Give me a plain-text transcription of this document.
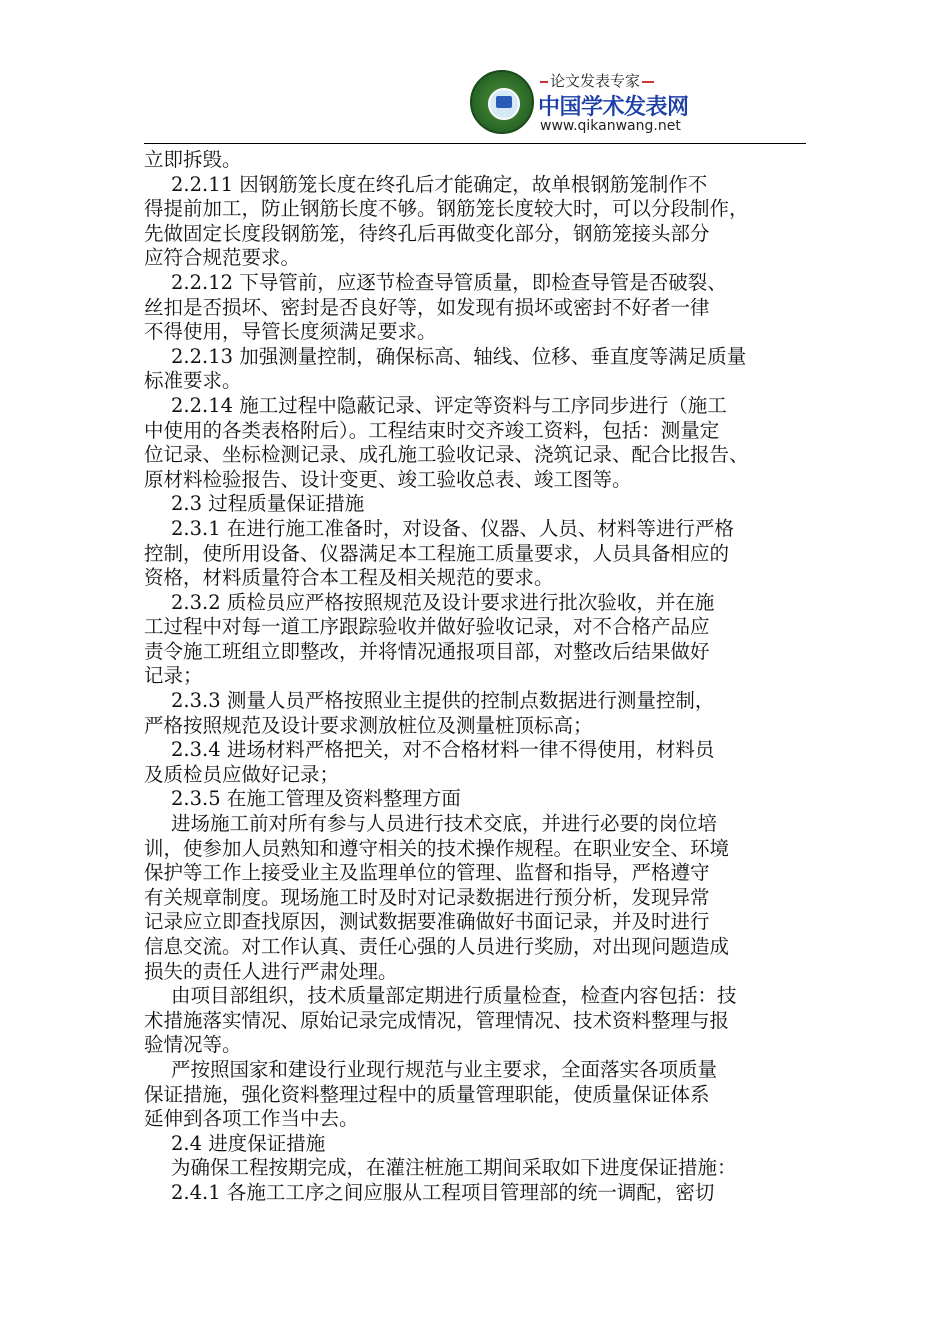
论文发表专家
中国学术发表网
www.qikanwang.net
立即拆毁。
2.2.11 因钢筋笼长度在终孔后才能确定，故单根钢筋笼制作不
得提前加工，防止钢筋长度不够。钢筋笼长度较大时，可以分段制作，
先做固定长度段钢筋笼，待终孔后再做变化部分，钢筋笼接头部分
应符合规范要求。
2.2.12 下导管前，应逐节检查导管质量，即检查导管是否破裂、
丝扣是否损坏、密封是否良好等，如发现有损坏或密封不好者一律
不得使用，导管长度须满足要求。
2.2.13 加强测量控制，确保标高、轴线、位移、垂直度等满足质量
标准要求。
2.2.14 施工过程中隐蔽记录、评定等资料与工序同步进行（施工
中使用的各类表格附后）。工程结束时交齐竣工资料，包括：测量定
位记录、坐标检测记录、成孔施工验收记录、浇筑记录、配合比报告、
原材料检验报告、设计变更、竣工验收总表、竣工图等。
2.3 过程质量保证措施
2.3.1 在进行施工准备时，对设备、仪器、人员、材料等进行严格
控制，使所用设备、仪器满足本工程施工质量要求，人员具备相应的
资格，材料质量符合本工程及相关规范的要求。
2.3.2 质检员应严格按照规范及设计要求进行批次验收，并在施
工过程中对每一道工序跟踪验收并做好验收记录，对不合格产品应
责令施工班组立即整改，并将情况通报项目部，对整改后结果做好
记录；
2.3.3 测量人员严格按照业主提供的控制点数据进行测量控制，
严格按照规范及设计要求测放桩位及测量桩顶标高；
2.3.4 进场材料严格把关，对不合格材料一律不得使用，材料员
及质检员应做好记录；
2.3.5 在施工管理及资料整理方面
进场施工前对所有参与人员进行技术交底，并进行必要的岗位培
训，使参加人员熟知和遵守相关的技术操作规程。在职业安全、环境
保护等工作上接受业主及监理单位的管理、监督和指导，严格遵守
有关规章制度。现场施工时及时对记录数据进行预分析，发现异常
记录应立即查找原因，测试数据要准确做好书面记录，并及时进行
信息交流。对工作认真、责任心强的人员进行奖励，对出现问题造成
损失的责任人进行严肃处理。
由项目部组织，技术质量部定期进行质量检查，检查内容包括：技
术措施落实情况、原始记录完成情况，管理情况、技术资料整理与报
验情况等。
严按照国家和建设行业现行规范与业主要求，全面落实各项质量
保证措施，强化资料整理过程中的质量管理职能，使质量保证体系
延伸到各项工作当中去。
2.4 进度保证措施
为确保工程按期完成，在灌注桩施工期间采取如下进度保证措施：
2.4.1 各施工工序之间应服从工程项目管理部的统一调配，密切
